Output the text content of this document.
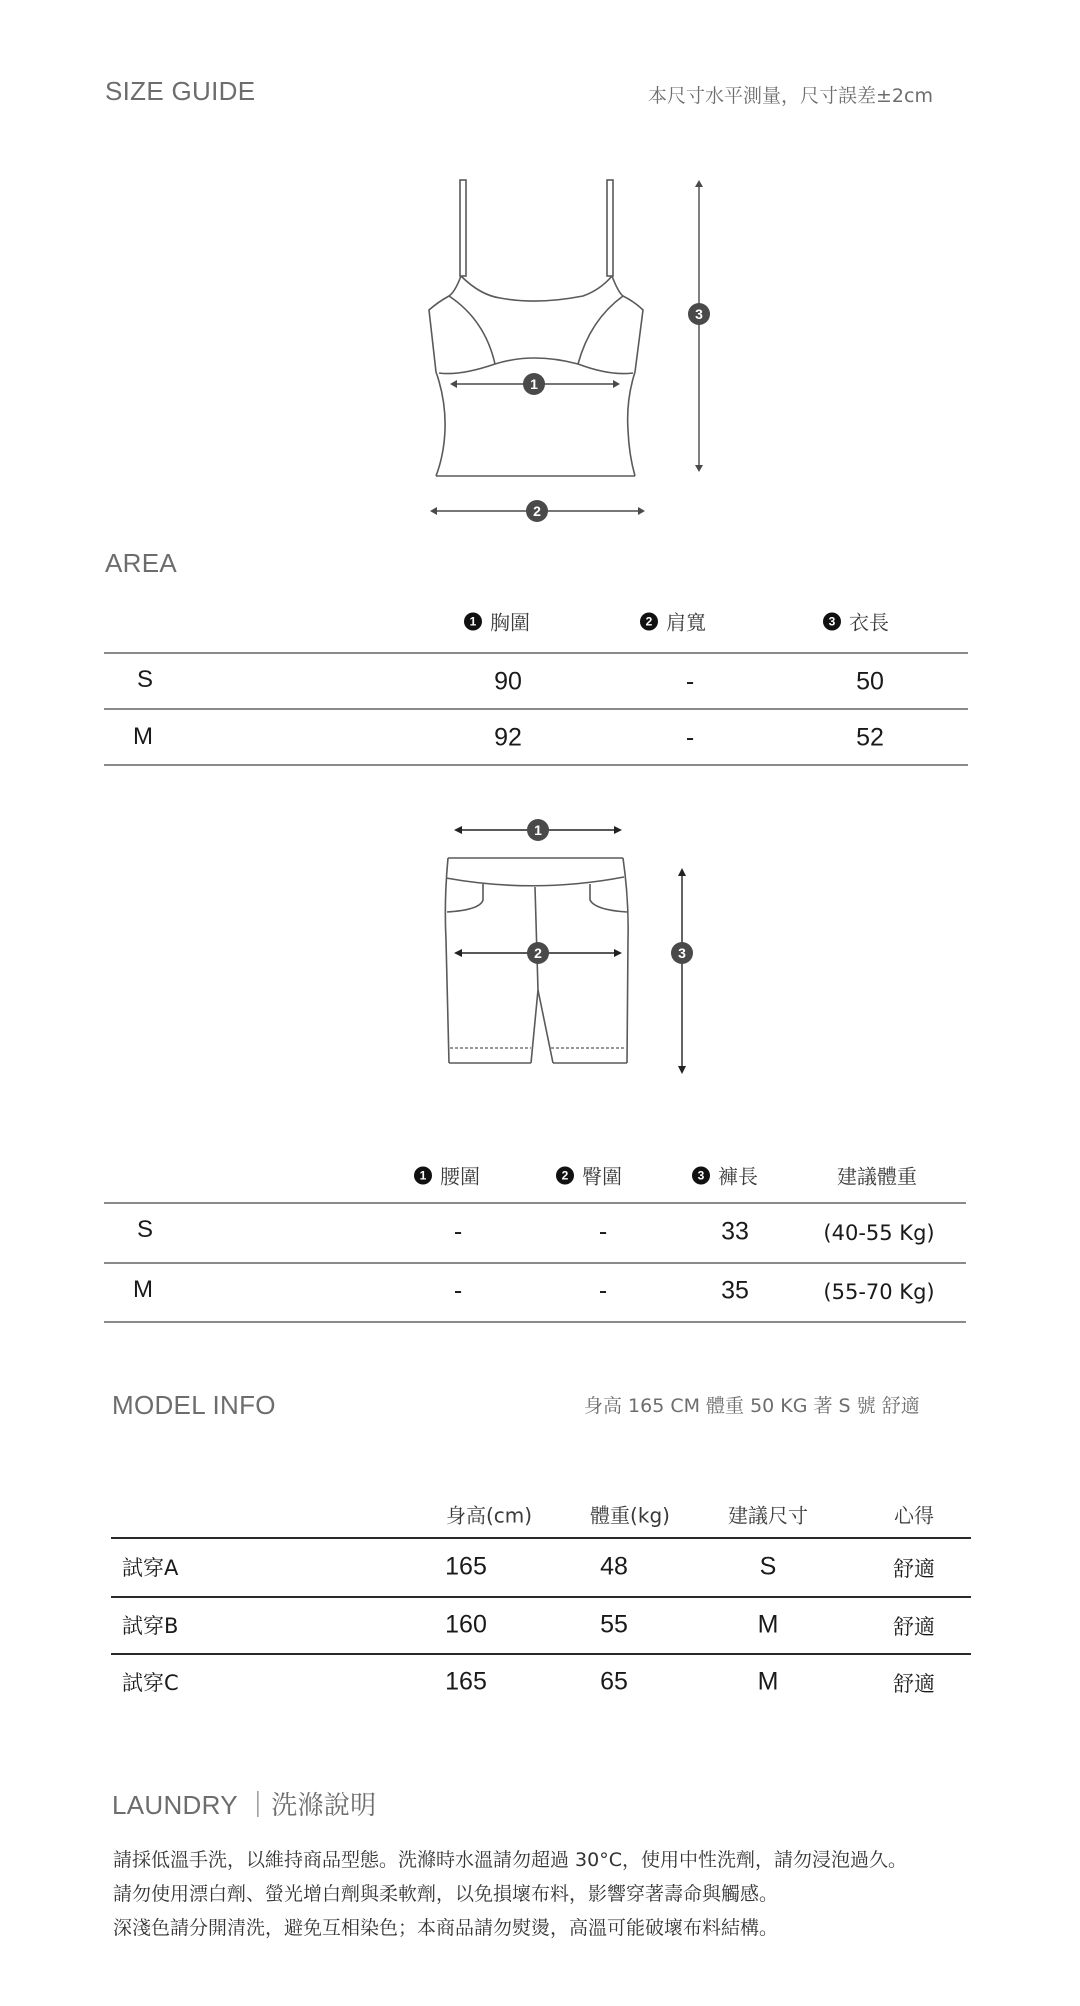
SIZE GUIDE	本尺寸水平測量，尺寸誤差±2cm
1
2
3
AREA
1 胸圍	2 肩寬	3 衣長
S	90	-	50
M	92	-	52
1
2	3
1 腰圍	2 臀圍	3 褲長	建議體重
S	-	-	33	(40-55 Kg)
M	-	-	35	(55-70 Kg)
MODEL INFO	身高 165 CM 體重 50 KG 著 S 號 舒適
身高(cm)	體重(kg)	建議尺寸	心得
試穿A	165	48	S	舒適
試穿B	160	55	M	舒適
試穿C	165	65	M	舒適
LAUNDRY ｜洗滌說明
請採低溫手洗，以維持商品型態。洗滌時水溫請勿超過 30°C，使用中性洗劑，請勿浸泡過久。
請勿使用漂白劑、螢光增白劑與柔軟劑，以免損壞布料，影響穿著壽命與觸感。
深淺色請分開清洗，避免互相染色；本商品請勿熨燙，高溫可能破壞布料結構。
